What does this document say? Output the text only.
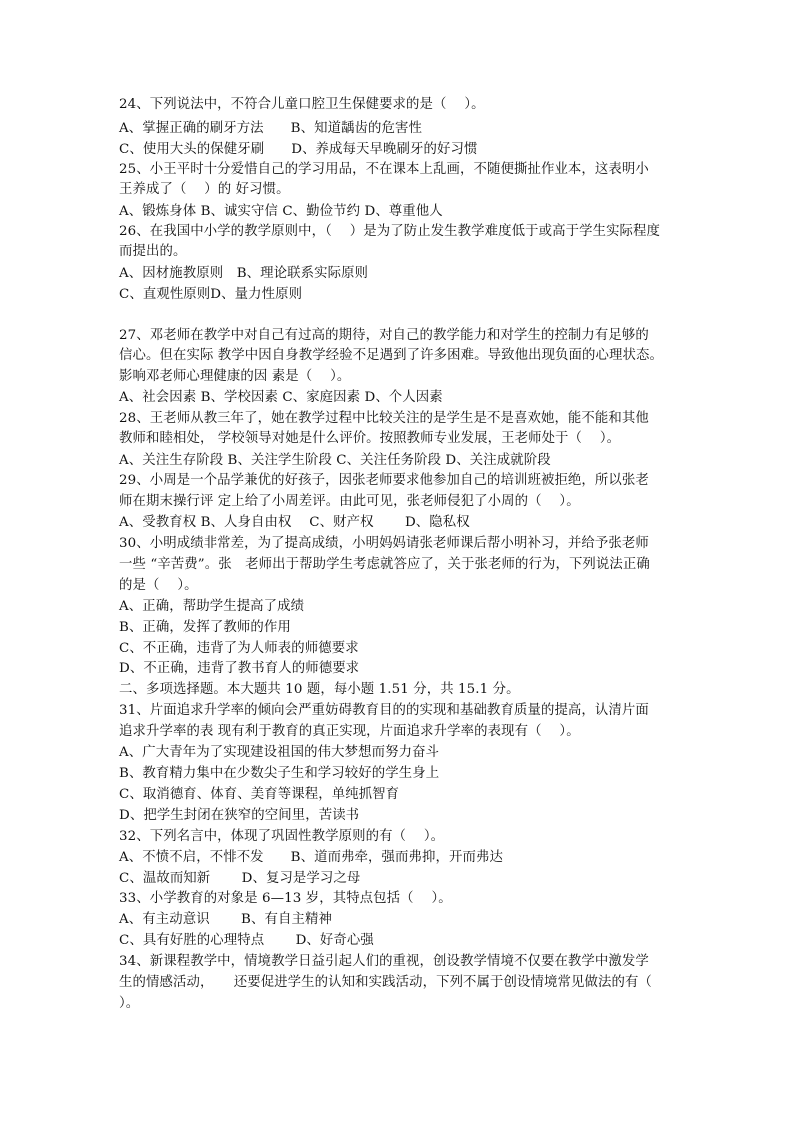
24、下列说法中，不符合儿童口腔卫生保健要求的是（　 ）。
A、掌握正确的刷牙方法　　B、知道龋齿的危害性
C、使用大头的保健牙刷　　D、养成每天早晚刷牙的好习惯
25、小王平时十分爱惜自己的学习用品，不在课本上乱画，不随便撕扯作业本，这表明小
王养成了（　 ）的 好习惯。
A、锻炼身体 B、诚实守信 C、勤俭节约 D、尊重他人
26、在我国中小学的教学原则中，（　 ）是为了防止发生教学难度低于或高于学生实际程度
而提出的。
A、因材施教原则　B、理论联系实际原则
C、直观性原则D、量力性原则
27、邓老师在教学中对自己有过高的期待，对自己的教学能力和对学生的控制力有足够的
信心。但在实际 教学中因自身教学经验不足遇到了许多困难。导致他出现负面的心理状态。
影响邓老师心理健康的因 素是（　 ）。
A、社会因素 B、学校因素 C、家庭因素 D、个人因素
28、王老师从教三年了，她在教学过程中比较关注的是学生是不是喜欢她，能不能和其他
教师和睦相处， 学校领导对她是什么评价。按照教师专业发展，王老师处于（　 ）。
A、关注生存阶段 B、关注学生阶段 C、关注任务阶段 D、关注成就阶段
29、小周是一个品学兼优的好孩子，因张老师要求他参加自己的培训班被拒绝，所以张老
师在期末操行评 定上给了小周差评。由此可见，张老师侵犯了小周的（　 ）。
A、受教育权 B、人身自由权　 C、财产权　　 D、隐私权
30、小明成绩非常差，为了提高成绩，小明妈妈请张老师课后帮小明补习，并给予张老师
一些 “辛苦费”。张　老师出于帮助学生考虑就答应了，关于张老师的行为，下列说法正确
的是（　 ）。
A、正确，帮助学生提高了成绩
B、正确，发挥了教师的作用
C、不正确，违背了为人师表的师德要求
D、不正确，违背了教书育人的师德要求
二、多项选择题。本大题共 10 题，每小题 1.51 分，共 15.1 分。
31、片面追求升学率的倾向会严重妨碍教育目的的实现和基础教育质量的提高，认清片面
追求升学率的表 现有利于教育的真正实现，片面追求升学率的表现有（　 ）。
A、广大青年为了实现建设祖国的伟大梦想而努力奋斗
B、教育精力集中在少数尖子生和学习较好的学生身上
C、取消德育、体育、美育等课程，单纯抓智育
D、把学生封闭在狭窄的空间里，苦读书
32、下列名言中，体现了巩固性教学原则的有（　 ）。
A、不愤不启，不悱不发　　B、道而弗牵，强而弗抑，开而弗达
C、温故而知新　　 D、复习是学习之母
33、小学教育的对象是 6—13 岁，其特点包括（　 ）。
A、有主动意识　　 B、有自主精神
C、具有好胜的心理特点　　 D、好奇心强
34、新课程教学中，情境教学日益引起人们的重视，创设教学情境不仅要在教学中激发学
生的情感活动，　　还要促进学生的认知和实践活动，下列不属于创设情境常见做法的有（
）。
